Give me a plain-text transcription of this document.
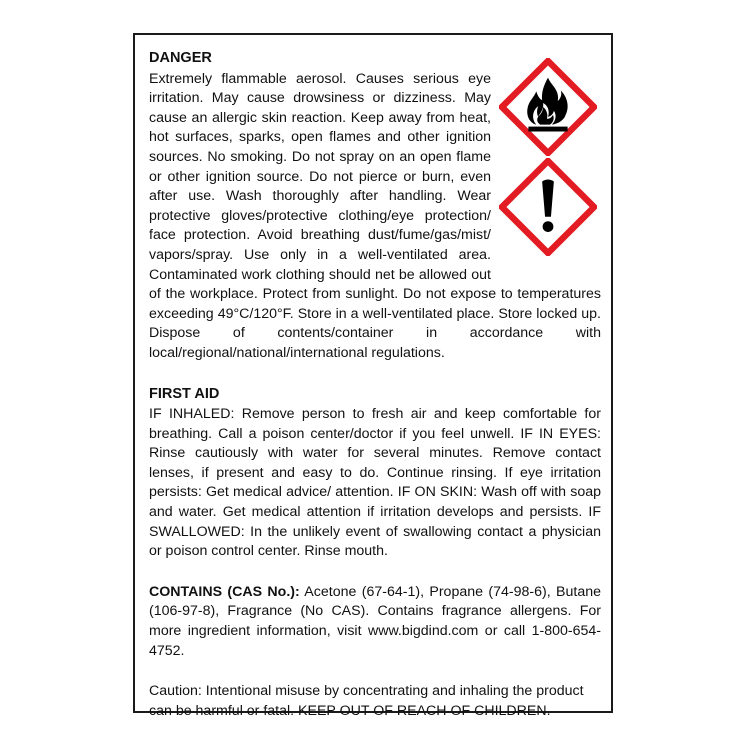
DANGER

Extremely flammable aerosol. Causes serious eye irritation. May cause drowsiness or dizziness. May cause an allergic skin reaction. Keep away from heat, hot surfaces, sparks, open flames and other ignition sources. No smoking. Do not spray on an open flame or other ignition source. Do not pierce or burn, even after use. Wash thoroughly after handling. Wear protective gloves/protective clothing/eye protection/ face protection. Avoid breathing dust/fume/gas/mist/ vapors/spray. Use only in a well-ventilated area. Contaminated work clothing should net be allowed out of the workplace. Protect from sunlight. Do not expose to temperatures exceeding 49°C/120°F. Store in a well-ventilated place. Store locked up. Dispose of contents/container in accordance with local/regional/national/international regulations.

FIRST AID

IF INHALED: Remove person to fresh air and keep comfortable for breathing. Call a poison center/doctor if you feel unwell. IF IN EYES: Rinse cautiously with water for several minutes. Remove contact lenses, if present and easy to do. Continue rinsing. If eye irritation persists: Get medical advice/ attention. IF ON SKIN: Wash off with soap and water. Get medical attention if irritation develops and persists. IF SWALLOWED: In the unlikely event of swallowing contact a physician or poison control center. Rinse mouth.

CONTAINS (CAS No.): Acetone (67-64-1), Propane (74-98-6), Butane (106-97-8), Fragrance (No CAS). Contains fragrance allergens. For more ingredient information, visit www.bigdind.com or call 1-800-654-4752.

Caution: Intentional misuse by concentrating and inhaling the product can be harmful or fatal. KEEP OUT OF REACH OF CHILDREN.
